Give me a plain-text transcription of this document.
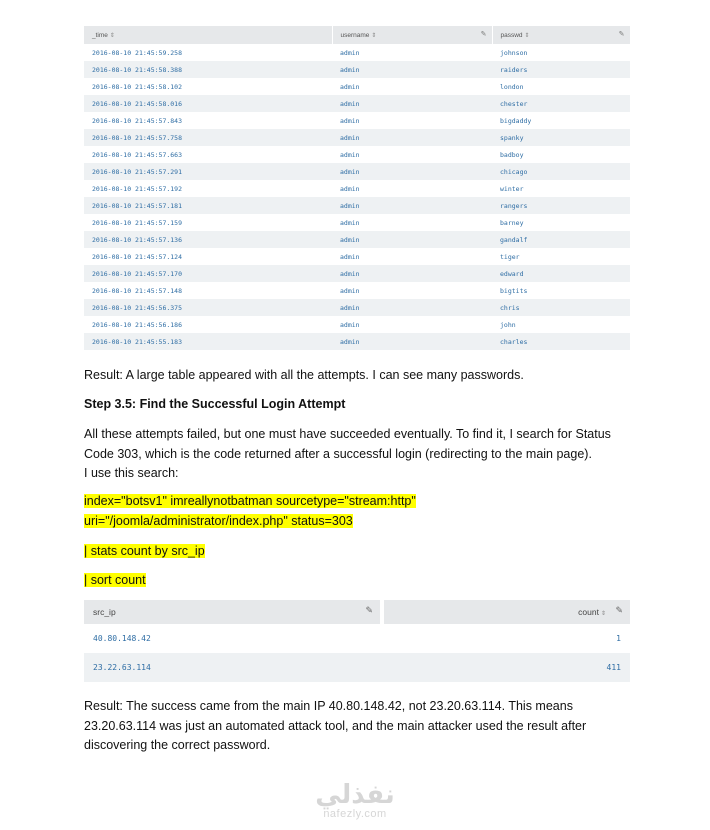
_time ⇕	username ⇕ ✎	passwd ⇕ ✎

2016-08-10 21:45:59.258	admin	johnson
2016-08-10 21:45:58.388	admin	raiders
2016-08-10 21:45:58.102	admin	london
2016-08-10 21:45:58.016	admin	chester
2016-08-10 21:45:57.843	admin	bigdaddy
2016-08-10 21:45:57.758	admin	spanky
2016-08-10 21:45:57.663	admin	badboy
2016-08-10 21:45:57.291	admin	chicago
2016-08-10 21:45:57.192	admin	winter
2016-08-10 21:45:57.181	admin	rangers
2016-08-10 21:45:57.159	admin	barney
2016-08-10 21:45:57.136	admin	gandalf
2016-08-10 21:45:57.124	admin	tiger
2016-08-10 21:45:57.170	admin	edward
2016-08-10 21:45:57.148	admin	bigtits
2016-08-10 21:45:56.375	admin	chris
2016-08-10 21:45:56.186	admin	john
2016-08-10 21:45:55.183	admin	charles
Result: A large table appeared with all the attempts. I can see many passwords.
Step 3.5: Find the Successful Login Attempt
All these attempts failed, but one must have succeeded eventually. To find it, I search for Status
Code 303, which is the code returned after a successful login (redirecting to the main page).
I use this search:
index="botsv1" imreallynotbatman sourcetype="stream:http"
uri="/joomla/administrator/index.php" status=303
| stats count by src_ip
| sort count
src_ip ✎	count ⇕ ✎

40.80.148.42	1
23.22.63.114	411
Result: The success came from the main IP 40.80.148.42, not 23.20.63.114. This means
23.20.63.114 was just an automated attack tool, and the main attacker used the result after
discovering the correct password.
نفذلي
nafezly.com
